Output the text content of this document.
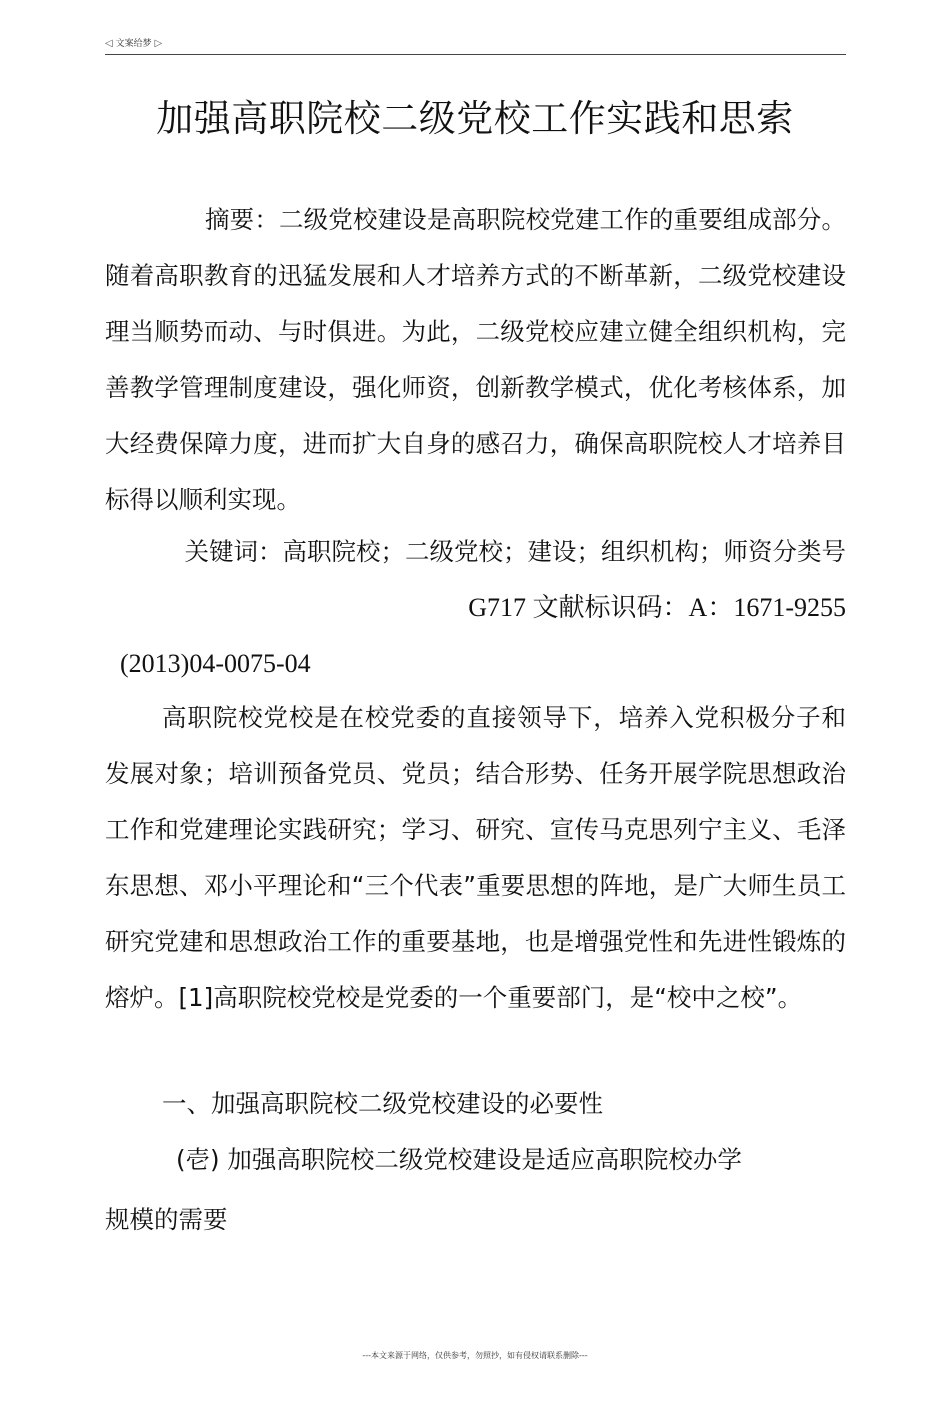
◁ 文案给梦 ▷
加强高职院校二级党校工作实践和思索

摘要：二级党校建设是高职院校党建工作的重要组成部分。随着高职教育的迅猛发展和人才培养方式的不断革新，二级党校建设理当顺势而动、与时俱进。为此，二级党校应建立健全组织机构，完善教学管理制度建设，强化师资，创新教学模式，优化考核体系，加大经费保障力度，进而扩大自身的感召力，确保高职院校人才培养目标得以顺利实现。

关键词：高职院校；二级党校；建设；组织机构；师资分类号

G717 文献标识码：A：1671-9255

(2013)04-0075-04

高职院校党校是在校党委的直接领导下，培养入党积极分子和发展对象；培训预备党员、党员；结合形势、任务开展学院思想政治工作和党建理论实践研究；学习、研究、宣传马克思列宁主义、毛泽东思想、邓小平理论和“三个代表”重要思想的阵地，是广大师生员工研究党建和思想政治工作的重要基地，也是增强党性和先进性锻炼的熔炉。[1]高职院校党校是党委的一个重要部门，是“校中之校”。

一、加强高职院校二级党校建设的必要性

(壱) 加强高职院校二级党校建设是适应高职院校办学

规模的需要

---本文来源于网络，仅供参考，勿照抄，如有侵权请联系删除---
